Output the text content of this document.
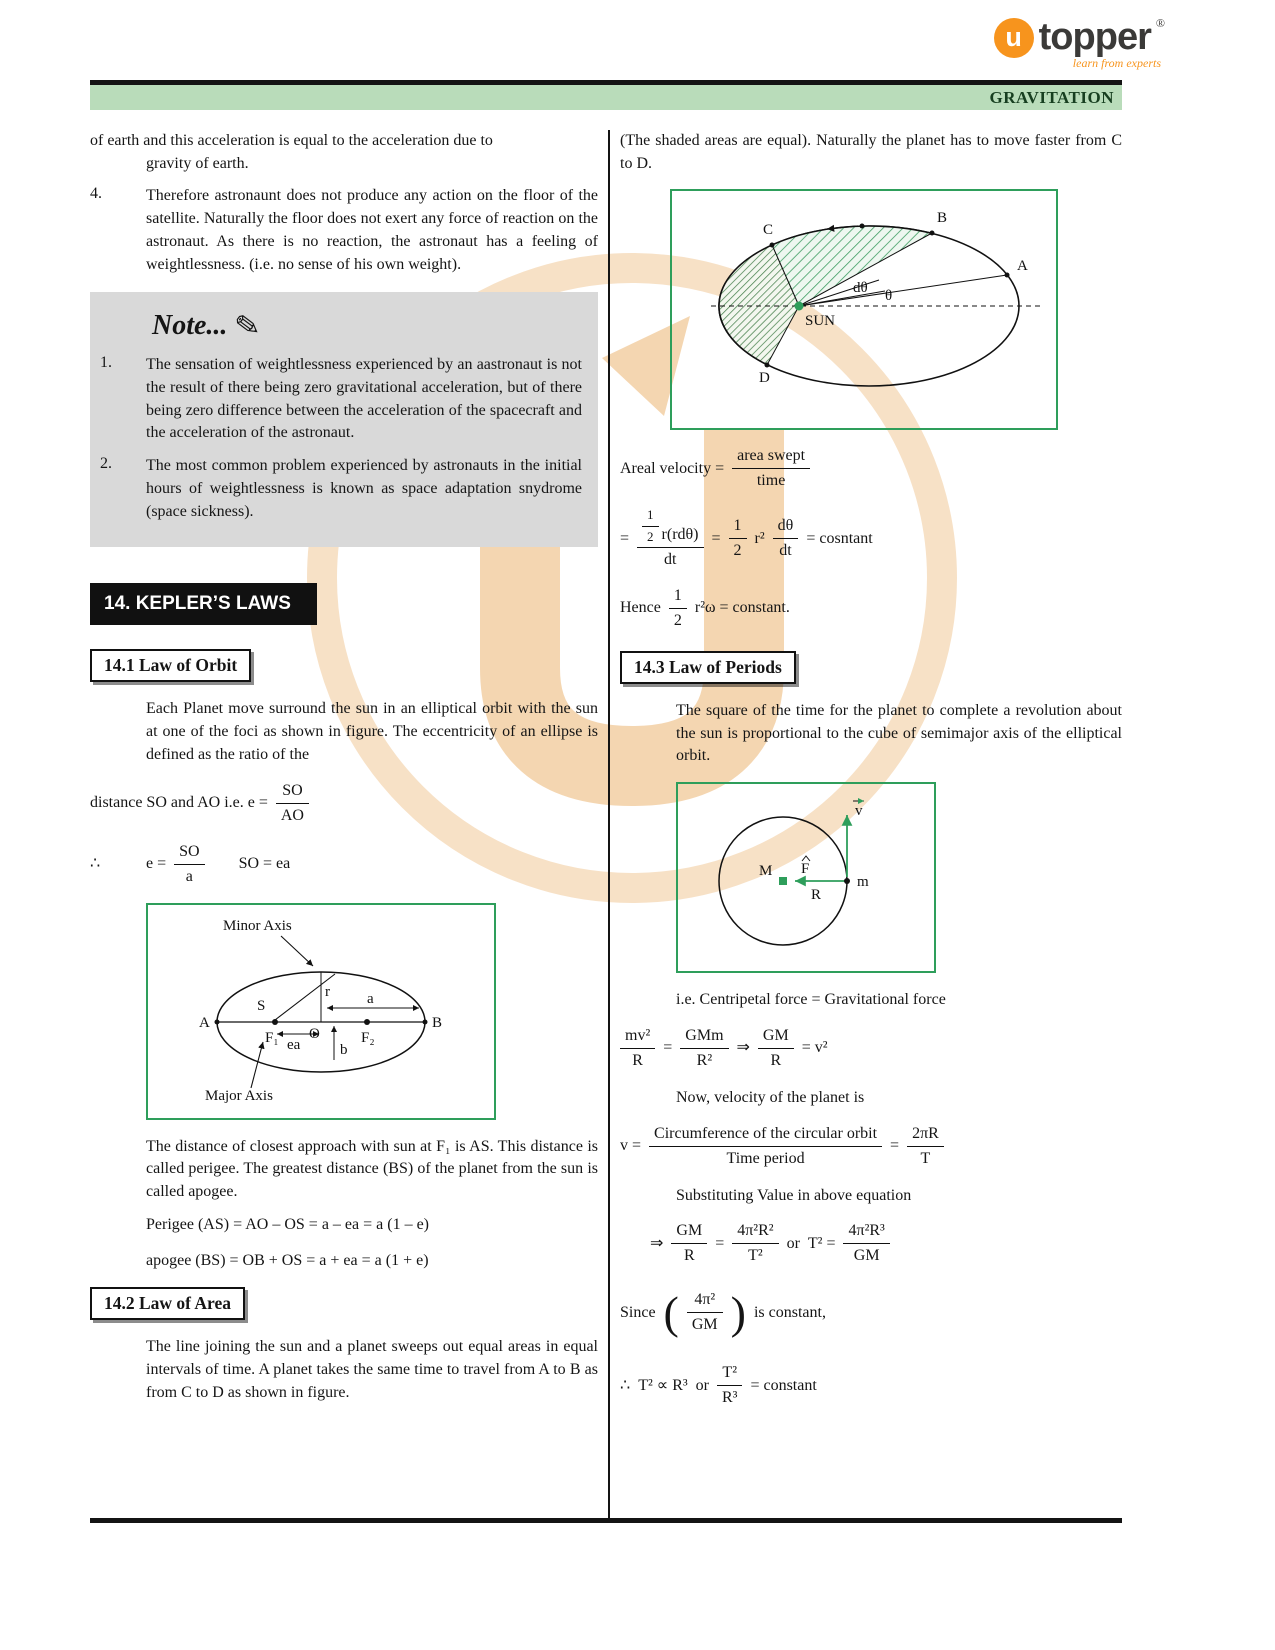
u topper ®
learn from experts
GRAVITATION

of earth and this acceleration is equal to the acceleration due to
gravity of earth.

4.	Therefore astronaunt does not produce any action on the floor of the satellite. Naturally the floor does not exert any force of reaction on the astronaut. As there is no reaction, the astronaut has a feeling of weightlessness. (i.e. no sense of his own weight).
Note... ✎
1.	The sensation of weightlessness experienced by an aastronaut is not the result of there being zero gravitational acceleration, but of there being zero difference between the acceleration of the spacecraft and the acceleration of the astronaut.
2.	The most common problem experienced by astronauts in the initial hours of weightlessness is known as space adaptation snydrome (space sickness).
14. KEPLER’S LAWS
14.1 Law of Orbit

Each Planet move surround the sun in an elliptical orbit with the sun at one of the foci as shown in figure. The eccentricity of an ellipse is defined as the ratio of the

distance SO and AO i.e. $e = \frac{SO}{AO}$
∴	$e = \frac{SO}{a}$ SO = ea
Minor Axis
r a
ea	b
S
F₁ O	F₂
A	B
Major Axis

The distance of closest approach with sun at F₁ is AS. This distance is called perigee. The greatest distance (BS) of the planet from the sun is called apogee.

Perigee (AS) = AO – OS = a – ea = a (1 – e)

apogee (BS) = OB + OS = a + ea = a (1 + e)

14.2 Law of Area

The line joining the sun and a planet sweeps out equal areas in equal intervals of time. A planet takes the same time to travel from A to B as from C to D as shown in figure.

(The shaded areas are equal). Naturally the planet has to move faster from C to D.

SUN
C
B
A
D
dθ θ
Areal velocity = $\frac{\text{area swept}}{\text{time}}$
= $\frac{\frac{1}{2} r(rd\theta)}{dt} = \frac{1}{2} r^2 \frac{d\theta}{dt}$ = cosntant
Hence $\frac{1}{2} r^2\omega$ = constant.
14.3 Law of Periods

The square of the time for the planet to complete a revolution about the sun is proportional to the cube of semimajor axis of the elliptical orbit.

M F
R
m
v

i.e. Centripetal force = Gravitational force

$\frac{\text{mv²}}{R} = \frac{\text{GMm}}{\text{R²}}$ ⇒ $\frac{GM}{R} = v^2$

Now, velocity of the planet is

$v = \frac{\text{Circumference of the circular orbit}}{\text{Time period}} = \frac{2\pi R}{T}$

Substituting Value in above equation

⇒ $\frac{GM}{R} = \frac{\text{4π²R²}}{\text{T²}}$ or $T^2 = \frac{\text{4π²R³}}{GM}$
Since ( $\frac{\text{4π²}}{GM}$ ) is constant,
∴ T² ∝ R³ or $\frac{\text{T²}}{\text{R³}}$ = constant
